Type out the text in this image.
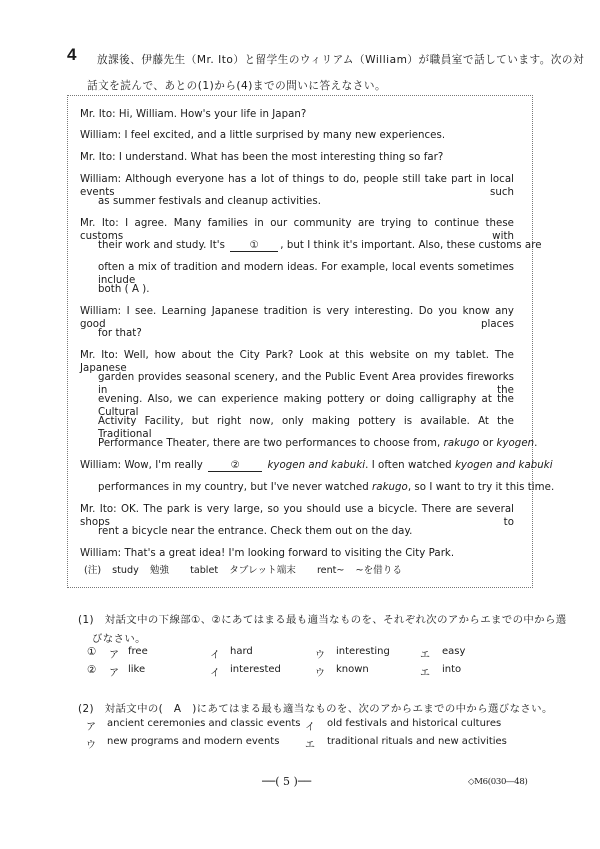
4 放課後、伊藤先生（Mr. Ito）と留学生のウィリアム（William）が職員室で話しています。次の対
話文を読んで、あとの(1)から(4)までの問いに答えなさい。
Mr. Ito: Hi, William. How's your life in Japan?
William: I feel excited, and a little surprised by many new experiences.
Mr. Ito: I understand. What has been the most interesting thing so far?
William: Although everyone has a lot of things to do, people still take part in local events such
as summer festivals and cleanup activities.
Mr. Ito: I agree. Many families in our community are trying to continue these customs with
their work and study. It's ① , but I think it's important. Also, these customs are
often a mix of tradition and modern ideas. For example, local events sometimes include
both ( A ).
William: I see. Learning Japanese tradition is very interesting. Do you know any good places
for that?
Mr. Ito: Well, how about the City Park? Look at this website on my tablet. The Japanese
garden provides seasonal scenery, and the Public Event Area provides fireworks in the
evening. Also, we can experience making pottery or doing calligraphy at the Cultural
Activity Facility, but right now, only making pottery is available. At the Traditional
Performance Theater, there are two performances to choose from, rakugo or kyogen.
William: Wow, I'm really	②	kyogen and kabuki. I often watched kyogen and kabuki
performances in my country, but I've never watched rakugo, so I want to try it this time.
Mr. Ito: OK. The park is very large, so you should use a bicycle. There are several shops to
rent a bicycle near the entrance. Check them out on the day.
William: That's a great idea! I'm looking forward to visiting the City Park.
(注) study 勉強 tablet タブレット端末 rent~ ~を借りる
(1)　対話文中の下線部①、②にあてはまる最も適当なものを、それぞれ次のアからエまでの中から選
びなさい。
① ア free	イ hard	ウ interesting	エ easy
② ア like	イ interested	ウ known	エ into
(2)　対話文中の(　A　)にあてはまる最も適当なものを、次のアからエまでの中から選びなさい。
ア ancient ceremonies and classic events イ old festivals and historical cultures
ウ new programs and modern events	エ traditional rituals and new activities
──( 5 )──	◇M6(030―48)
